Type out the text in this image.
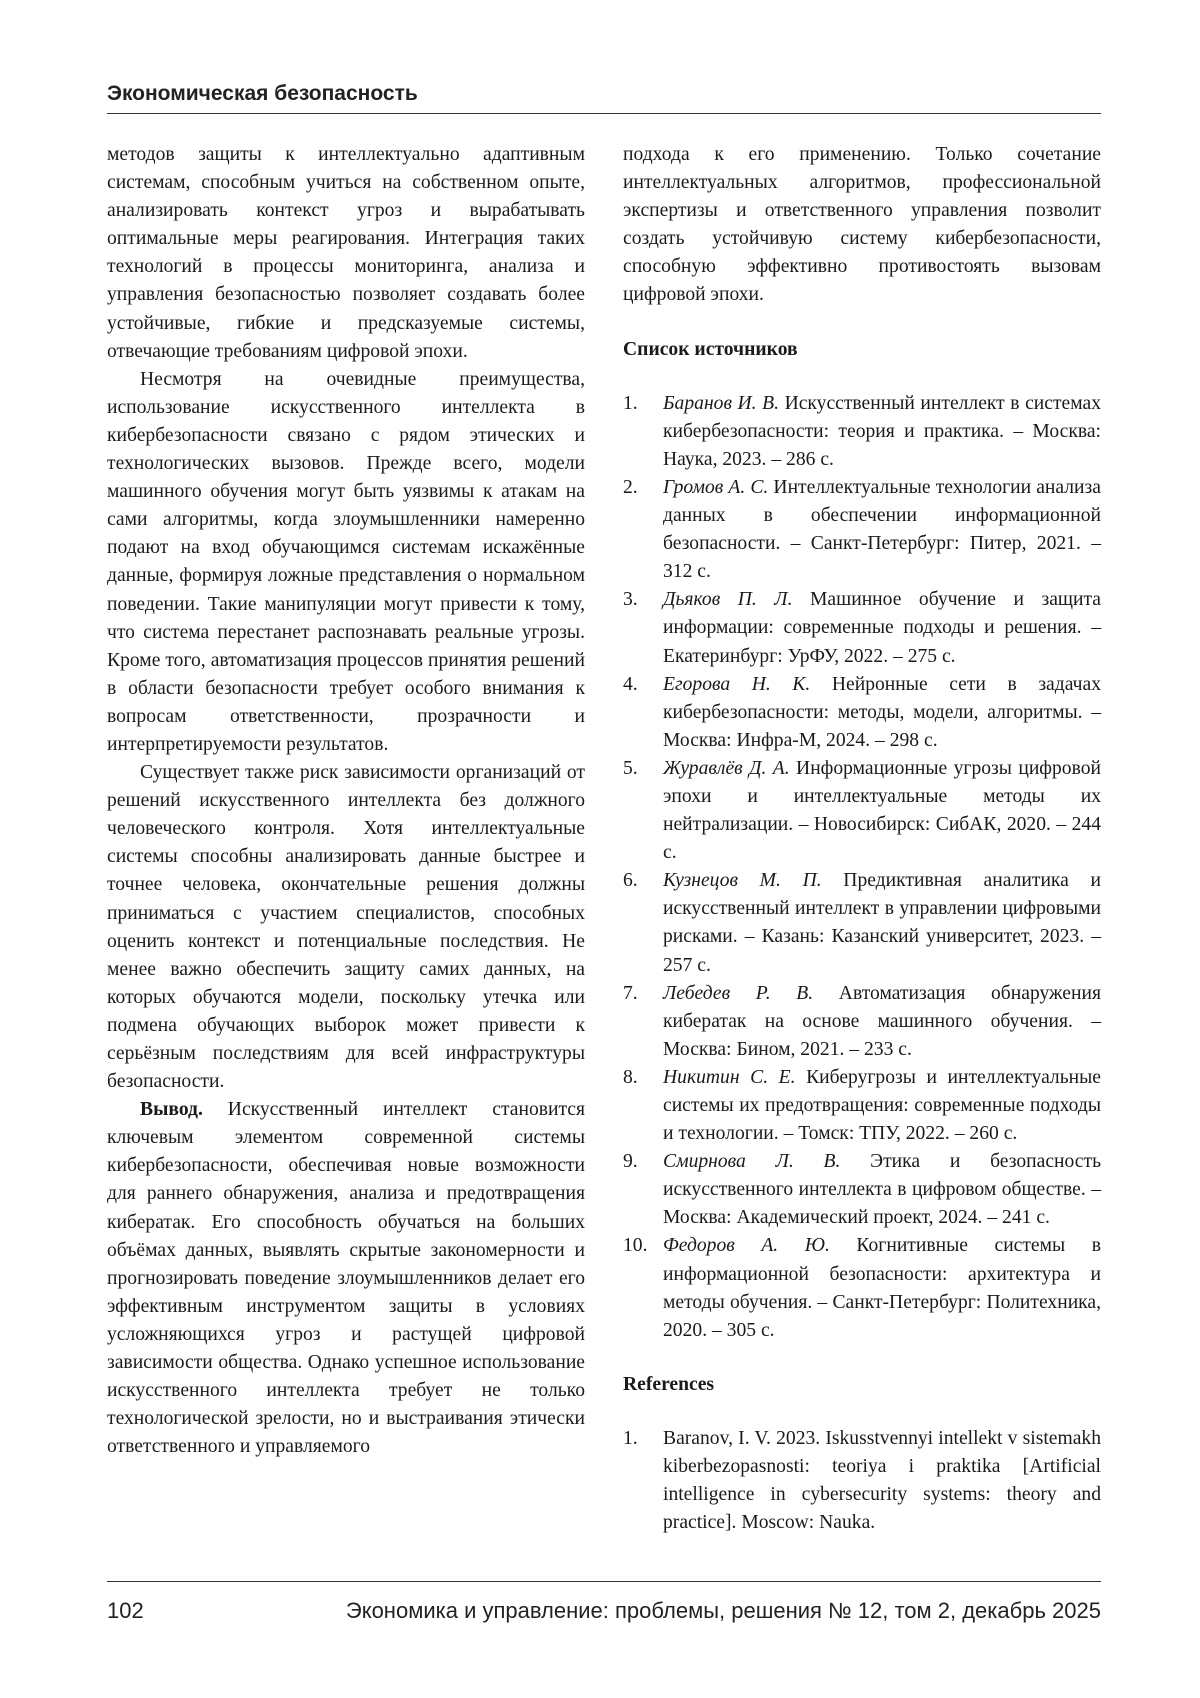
Экономическая безопасность

методов защиты к интеллектуально адаптивным системам, способным учиться на собственном опыте, анализировать контекст угроз и вырабатывать оптимальные меры реагирования. Интеграция таких технологий в процессы мониторинга, анализа и управления безопасностью позволяет создавать более устойчивые, гибкие и предсказуемые системы, отвечающие требованиям цифровой эпохи.

Несмотря на очевидные преимущества, использование искусственного интеллекта в кибербезопасности связано с рядом этических и технологических вызовов. Прежде всего, модели машинного обучения могут быть уязвимы к атакам на сами алгоритмы, когда злоумышленники намеренно подают на вход обучающимся системам искажённые данные, формируя ложные представления о нормальном поведении. Такие манипуляции могут привести к тому, что система перестанет распознавать реальные угрозы. Кроме того, автоматизация процессов принятия решений в области безопасности требует особого внимания к вопросам ответственности, прозрачности и интерпретируемости результатов.

Существует также риск зависимости организаций от решений искусственного интеллекта без должного человеческого контроля. Хотя интеллектуальные системы способны анализировать данные быстрее и точнее человека, окончательные решения должны приниматься с участием специалистов, способных оценить контекст и потенциальные последствия. Не менее важно обеспечить защиту самих данных, на которых обучаются модели, поскольку утечка или подмена обучающих выборок может привести к серьёзным последствиям для всей инфраструктуры безопасности.

Вывод. Искусственный интеллект становится ключевым элементом современной системы кибербезопасности, обеспечивая новые возможности для раннего обнаружения, анализа и предотвращения кибератак. Его способность обучаться на больших объёмах данных, выявлять скрытые закономерности и прогнозировать поведение злоумышленников делает его эффективным инструментом защиты в условиях усложняющихся угроз и растущей цифровой зависимости общества. Однако успешное использование искусственного интеллекта требует не только технологической зрелости, но и выстраивания этически ответственного и управляемого

подхода к его применению. Только сочетание интеллектуальных алгоритмов, профессиональной экспертизы и ответственного управления позволит создать устойчивую систему кибербезопасности, способную эффективно противостоять вызовам цифровой эпохи.

Список источников

1. Баранов И. В. Искусственный интеллект в системах кибербезопасности: теория и практика. – Москва: Наука, 2023. – 286 с.
2. Громов А. С. Интеллектуальные технологии анализа данных в обеспечении информационной безопасности. – Санкт-Петербург: Питер, 2021. – 312 с.
3. Дьяков П. Л. Машинное обучение и защита информации: современные подходы и решения. – Екатеринбург: УрФУ, 2022. – 275 с.
4. Егорова Н. К. Нейронные сети в задачах кибербезопасности: методы, модели, алгоритмы. – Москва: Инфра-М, 2024. – 298 с.
5. Журавлёв Д. А. Информационные угрозы цифровой эпохи и интеллектуальные методы их нейтрализации. – Новосибирск: СибАК, 2020. – 244 с.
6. Кузнецов М. П. Предиктивная аналитика и искусственный интеллект в управлении цифровыми рисками. – Казань: Казанский университет, 2023. – 257 с.
7. Лебедев Р. В. Автоматизация обнаружения кибератак на основе машинного обучения. – Москва: Бином, 2021. – 233 с.
8. Никитин С. Е. Киберугрозы и интеллектуальные системы их предотвращения: современные подходы и технологии. – Томск: ТПУ, 2022. – 260 с.
9. Смирнова Л. В. Этика и безопасность искусственного интеллекта в цифровом обществе. – Москва: Академический проект, 2024. – 241 с.
10. Федоров А. Ю. Когнитивные системы в информационной безопасности: архитектура и методы обучения. – Санкт-Петербург: Политехника, 2020. – 305 с.

References

1. Baranov, I. V. 2023. Iskusstvennyi intellekt v sistemakh kiberbezopasnosti: teoriya i praktika [Artificial intelligence in cybersecurity systems: theory and practice]. Moscow: Nauka.
102	Экономика и управление: проблемы, решения № 12, том 2, декабрь 2025
